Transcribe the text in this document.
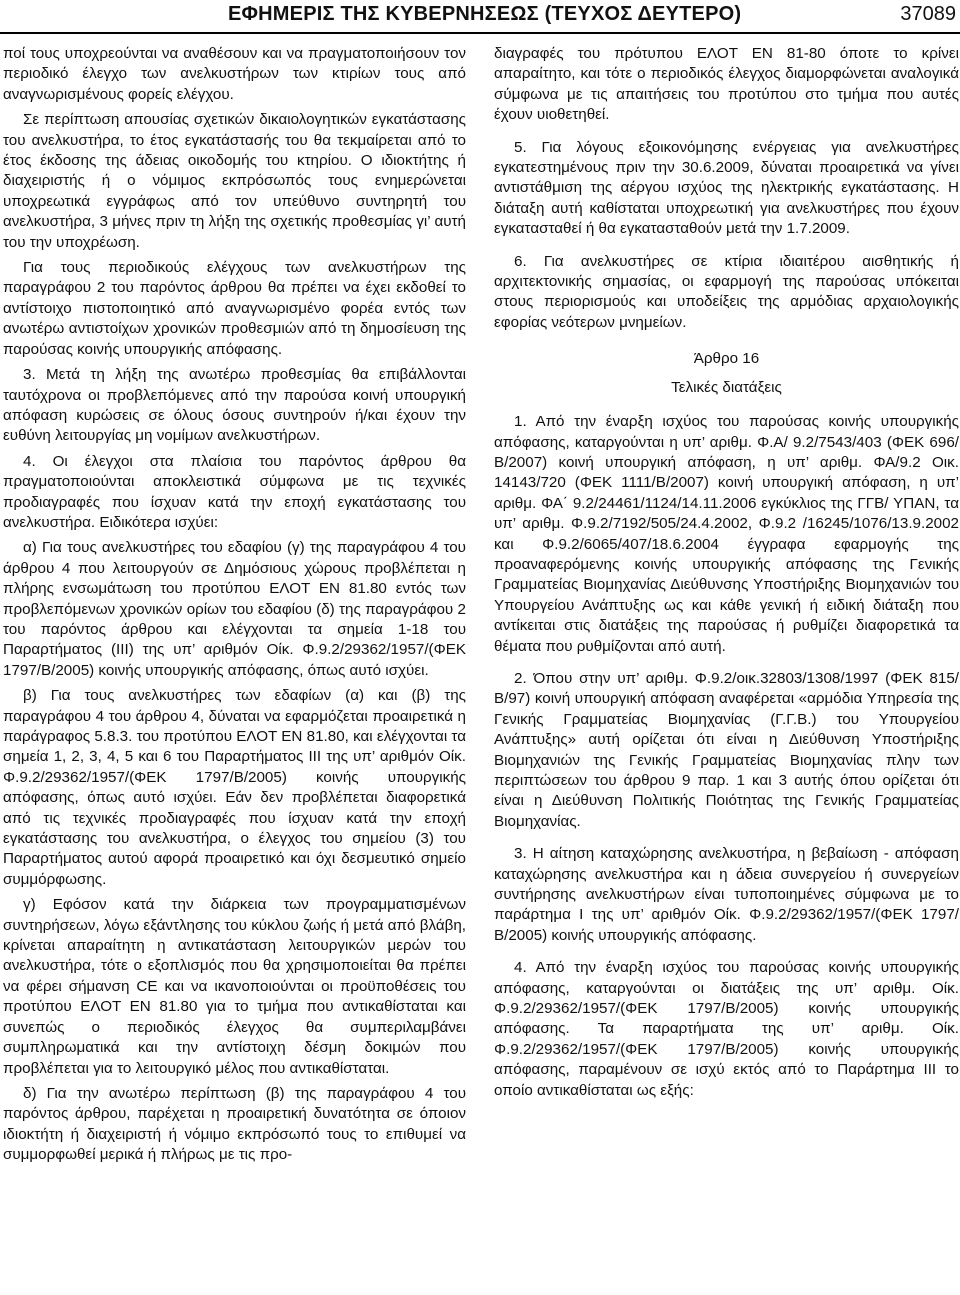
ΕΦΗΜΕΡΙΣ ΤΗΣ ΚΥΒΕΡΝΗΣΕΩΣ (ΤΕΥΧΟΣ ΔΕΥΤΕΡΟ)	37089

ποί τους υποχρεούνται να αναθέσουν και να πραγματοποιήσουν τον περιοδικό έλεγχο των ανελκυστήρων των κτιρίων τους από αναγνωρισμένους φορείς ελέγχου.

Σε περίπτωση απουσίας σχετικών δικαιολογητικών εγκατάστασης του ανελκυστήρα, το έτος εγκατάστασής του θα τεκμαίρεται από το έτος έκδοσης της άδειας οικοδομής του κτηρίου. Ο ιδιοκτήτης ή διαχειριστής ή ο νόμιμος εκπρόσωπός τους ενημερώνεται υποχρεωτικά εγγράφως από τον υπεύθυνο συντηρητή του ανελκυστήρα, 3 μήνες πριν τη λήξη της σχετικής προθεσμίας γι’ αυτή του την υποχρέωση.

Για τους περιοδικούς ελέγχους των ανελκυστήρων της παραγράφου 2 του παρόντος άρθρου θα πρέπει να έχει εκδοθεί το αντίστοιχο πιστοποιητικό από αναγνωρισμένο φορέα εντός των ανωτέρω αντιστοίχων χρονικών προθεσμιών από τη δημοσίευση της παρούσας κοινής υπουργικής απόφασης.

3. Μετά τη λήξη της ανωτέρω προθεσμίας θα επιβάλλονται ταυτόχρονα οι προβλεπόμενες από την παρούσα κοινή υπουργική απόφαση κυρώσεις σε όλους όσους συντηρούν ή/και έχουν την ευθύνη λειτουργίας μη νομίμων ανελκυστήρων.

4. Οι έλεγχοι στα πλαίσια του παρόντος άρθρου θα πραγματοποιούνται αποκλειστικά σύμφωνα με τις τεχνικές προδιαγραφές που ίσχυαν κατά την εποχή εγκατάστασης του ανελκυστήρα. Ειδικότερα ισχύει:

α) Για τους ανελκυστήρες του εδαφίου (γ) της παραγράφου 4 του άρθρου 4 που λειτουργούν σε Δημόσιους χώρους προβλέπεται η πλήρης ενσωμάτωση του προτύπου ΕΛΟΤ ΕΝ 81.80 εντός των προβλεπόμενων χρονικών ορίων του εδαφίου (δ) της παραγράφου 2 του παρόντος άρθρου και ελέγχονται τα σημεία 1-18 του Παραρτήματος (ΙΙΙ) της υπ’ αριθμόν Οίκ. Φ.9.2/29362/1957/(ΦΕΚ 1797/Β/2005) κοινής υπουργικής απόφασης, όπως αυτό ισχύει.

β) Για τους ανελκυστήρες των εδαφίων (α) και (β) της παραγράφου 4 του άρθρου 4, δύναται να εφαρμόζεται προαιρετικά η παράγραφος 5.8.3. του προτύπου ΕΛΟΤ ΕΝ 81.80, και ελέγχονται τα σημεία 1, 2, 3, 4, 5 και 6 του Παραρτήματος ΙΙΙ της υπ’ αριθμόν Οίκ. Φ.9.2/29362/1957/(ΦΕΚ 1797/Β/2005) κοινής υπουργικής απόφασης, όπως αυτό ισχύει. Εάν δεν προβλέπεται διαφορετικά από τις τεχνικές προδιαγραφές που ίσχυαν κατά την εποχή εγκατάστασης του ανελκυστήρα, ο έλεγχος του σημείου (3) του Παραρτήματος αυτού αφορά προαιρετικό και όχι δεσμευτικό σημείο συμμόρφωσης.

γ) Εφόσον κατά την διάρκεια των προγραμματισμένων συντηρήσεων, λόγω εξάντλησης του κύκλου ζωής ή μετά από βλάβη, κρίνεται απαραίτητη η αντικατάσταση λειτουργικών μερών του ανελκυστήρα, τότε ο εξοπλισμός που θα χρησιμοποιείται θα πρέπει να φέρει σήμανση CE και να ικανοποιούνται οι προϋποθέσεις του προτύπου ΕΛΟΤ ΕΝ 81.80 για το τμήμα που αντικαθίσταται και συνεπώς ο περιοδικός έλεγχος θα συμπεριλαμβάνει συμπληρωματικά και την αντίστοιχη δέσμη δοκιμών που προβλέπεται για το λειτουργικό μέλος που αντικαθίσταται.

δ) Για την ανωτέρω περίπτωση (β) της παραγράφου 4 του παρόντος άρθρου, παρέχεται η προαιρετική δυνατότητα σε όποιον ιδιοκτήτη ή διαχειριστή ή νόμιμο εκπρόσωπό τους το επιθυμεί να συμμορφωθεί μερικά ή πλήρως με τις προ-

διαγραφές του πρότυπου ΕΛΟΤ ΕΝ 81-80 όποτε το κρίνει απαραίτητο, και τότε ο περιοδικός έλεγχος διαμορφώνεται αναλογικά σύμφωνα με τις απαιτήσεις του προτύπου στο τμήμα που αυτές έχουν υιοθετηθεί.

5. Για λόγους εξοικονόμησης ενέργειας για ανελκυστήρες εγκατεστημένους πριν την 30.6.2009, δύναται προαιρετικά να γίνει αντιστάθμιση της αέργου ισχύος της ηλεκτρικής εγκατάστασης. Η διάταξη αυτή καθίσταται υποχρεωτική για ανελκυστήρες που έχουν εγκατασταθεί ή θα εγκατασταθούν μετά την 1.7.2009.

6. Για ανελκυστήρες σε κτίρια ιδιαιτέρου αισθητικής ή αρχιτεκτονικής σημασίας, οι εφαρμογή της παρούσας υπόκειται στους περιορισμούς και υποδείξεις της αρμόδιας αρχαιολογικής εφορίας νεότερων μνημείων.

Άρθρο 16

Τελικές διατάξεις

1. Από την έναρξη ισχύος του παρούσας κοινής υπουργικής απόφασης, καταργούνται η υπ’ αριθμ. Φ.Α/ 9.2/7543/403 (ΦΕΚ 696/Β/2007) κοινή υπουργική απόφαση, η υπ’ αριθμ. ΦΑ/9.2 Οικ. 14143/720 (ΦΕΚ 1111/Β/2007) κοινή υπουργική απόφαση, η υπ’ αριθμ. ΦΑ΄ 9.2/24461/1124/14.11.2006 εγκύκλιος της ΓΓΒ/ ΥΠΑΝ, τα υπ’ αριθμ. Φ.9.2/7192/505/24.4.2002, Φ.9.2 /16245/1076/13.9.2002 και Φ.9.2/6065/407/18.6.2004 έγγραφα εφαρμογής της προαναφερόμενης κοινής υπουργικής απόφασης της Γενικής Γραμματείας Βιομηχανίας Διεύθυνσης Υποστήριξης Βιομηχανιών του Υπουργείου Ανάπτυξης ως και κάθε γενική ή ειδική διάταξη που αντίκειται στις διατάξεις της παρούσας ή ρυθμίζει διαφορετικά τα θέματα που ρυθμίζονται από αυτή.

2. Όπου στην υπ’ αριθμ. Φ.9.2/οικ.32803/1308/1997 (ΦΕΚ 815/Β/97) κοινή υπουργική απόφαση αναφέρεται «αρμόδια Υπηρεσία της Γενικής Γραμματείας Βιομηχανίας (Γ.Γ.Β.) του Υπουργείου Ανάπτυξης» αυτή ορίζεται ότι είναι η Διεύθυνση Υποστήριξης Βιομηχανιών της Γενικής Γραμματείας Βιομηχανίας πλην των περιπτώσεων του άρθρου 9 παρ. 1 και 3 αυτής όπου ορίζεται ότι είναι η Διεύθυνση Πολιτικής Ποιότητας της Γενικής Γραμματείας Βιομηχανίας.

3. Η αίτηση καταχώρησης ανελκυστήρα, η βεβαίωση - απόφαση καταχώρησης ανελκυστήρα και η άδεια συνεργείου ή συνεργείων συντήρησης ανελκυστήρων είναι τυποποιημένες σύμφωνα με το παράρτημα Ι της υπ’ αριθμόν Οίκ. Φ.9.2/29362/1957/(ΦΕΚ 1797/Β/2005) κοινής υπουργικής απόφασης.

4. Από την έναρξη ισχύος του παρούσας κοινής υπουργικής απόφασης, καταργούνται οι διατάξεις της υπ’ αριθμ. Οίκ. Φ.9.2/29362/1957/(ΦΕΚ 1797/Β/2005) κοινής υπουργικής απόφασης. Τα παραρτήματα της υπ’ αριθμ. Οίκ. Φ.9.2/29362/1957/(ΦΕΚ 1797/Β/2005) κοινής υπουργικής απόφασης, παραμένουν σε ισχύ εκτός από το Παράρτημα ΙΙΙ το οποίο αντικαθίσταται ως εξής:
